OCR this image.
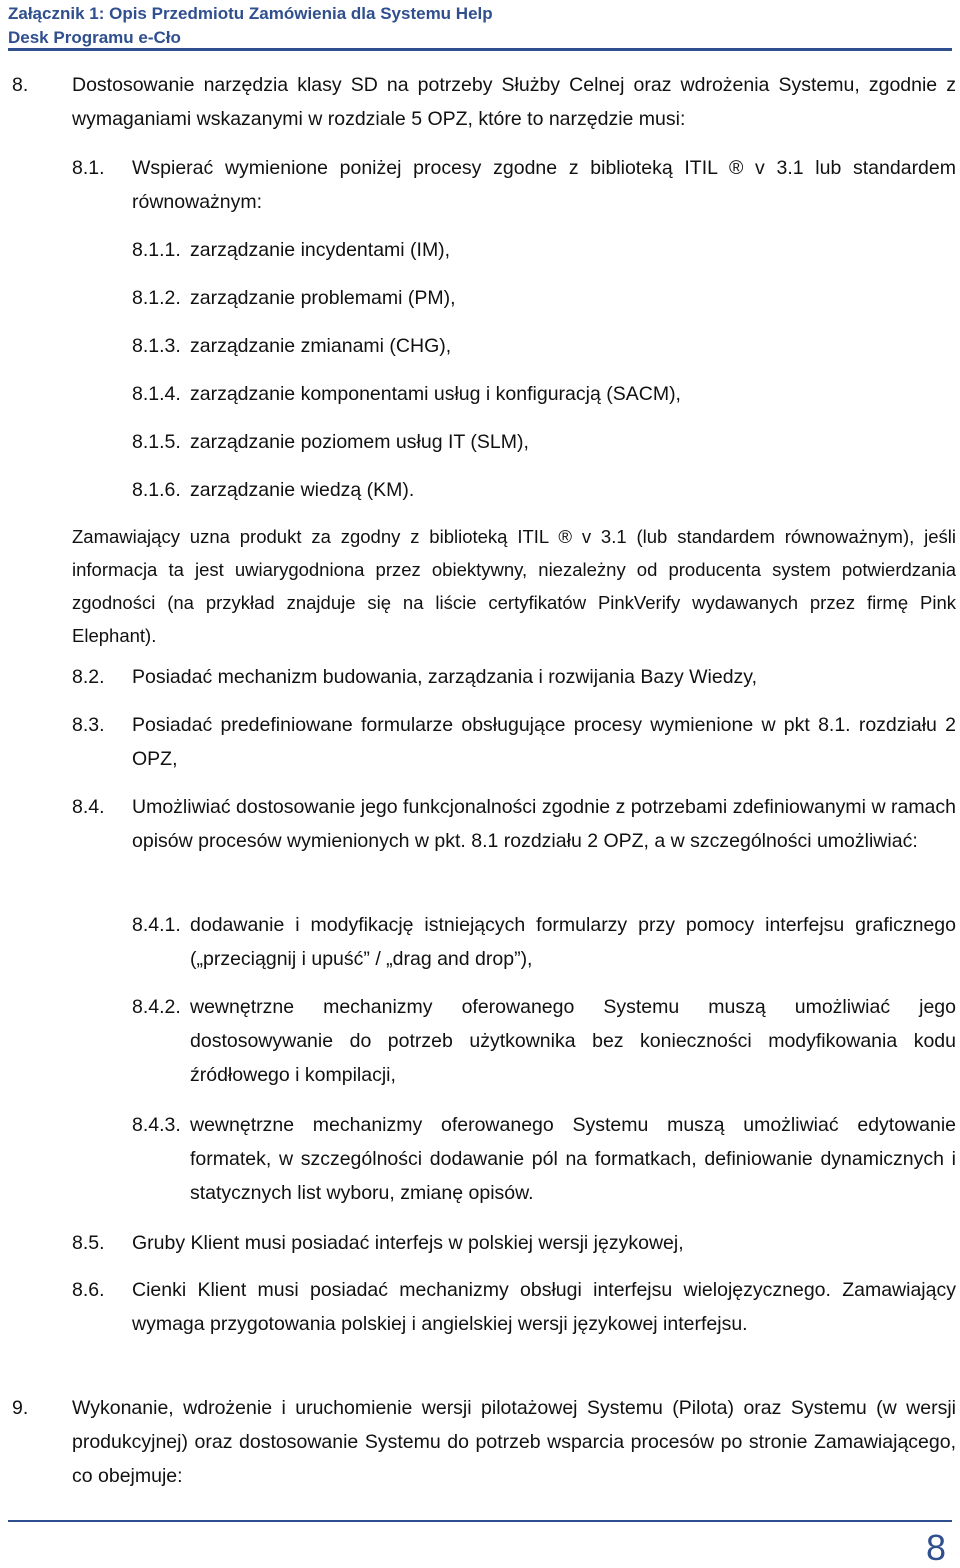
Załącznik 1: Opis Przedmiotu Zamówienia dla Systemu Help
Desk Programu e-Cło
8. Dostosowanie narzędzia klasy SD na potrzeby Służby Celnej oraz wdrożenia Systemu, zgodnie z wymaganiami wskazanymi w rozdziale 5 OPZ, które to narzędzie musi:
8.1. Wspierać wymienione poniżej procesy zgodne z biblioteką ITIL ® v 3.1 lub standardem równoważnym:
8.1.1. zarządzanie incydentami (IM),
8.1.2. zarządzanie problemami (PM),
8.1.3. zarządzanie zmianami (CHG),
8.1.4. zarządzanie komponentami usług i konfiguracją (SACM),
8.1.5. zarządzanie poziomem usług IT (SLM),
8.1.6. zarządzanie wiedzą (KM).
Zamawiający uzna produkt za zgodny z biblioteką ITIL ® v 3.1 (lub standardem równoważnym), jeśli informacja ta jest uwiarygodniona przez obiektywny, niezależny od producenta system potwierdzania zgodności (na przykład znajduje się na liście certyfikatów PinkVerify wydawanych przez firmę Pink Elephant).
8.2. Posiadać mechanizm budowania, zarządzania i rozwijania Bazy Wiedzy,
8.3. Posiadać predefiniowane formularze obsługujące procesy wymienione w pkt 8.1. rozdziału 2 OPZ,
8.4. Umożliwiać dostosowanie jego funkcjonalności zgodnie z potrzebami zdefiniowanymi w ramach opisów procesów wymienionych w pkt. 8.1 rozdziału 2 OPZ, a w szczególności umożliwiać:
8.4.1. dodawanie i modyfikację istniejących formularzy przy pomocy interfejsu graficznego („przeciągnij i upuść” / „drag and drop”),
8.4.2. wewnętrzne mechanizmy oferowanego Systemu muszą umożliwiać jego dostosowywanie do potrzeb użytkownika bez konieczności modyfikowania kodu źródłowego i kompilacji,
8.4.3. wewnętrzne mechanizmy oferowanego Systemu muszą umożliwiać edytowanie formatek, w szczególności dodawanie pól na formatkach, definiowanie dynamicznych i statycznych list wyboru, zmianę opisów.
8.5. Gruby Klient musi posiadać interfejs w polskiej wersji językowej,
8.6. Cienki Klient musi posiadać mechanizmy obsługi interfejsu wielojęzycznego. Zamawiający wymaga przygotowania polskiej i angielskiej wersji językowej interfejsu.
9. Wykonanie, wdrożenie i uruchomienie wersji pilotażowej Systemu (Pilota) oraz Systemu (w wersji produkcyjnej) oraz dostosowanie Systemu do potrzeb wsparcia procesów po stronie Zamawiającego, co obejmuje:
8
